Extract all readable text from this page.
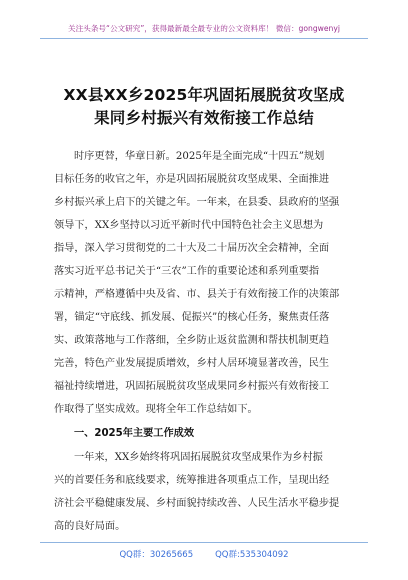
关注头条号“公文研究”，获得最新最全最专业的公文资料库！ 微信：gongwenyj
XX县XX乡2025年巩固拓展脱贫攻坚成
果同乡村振兴有效衔接工作总结
时序更替，华章日新。2025年是全面完成“十四五”规划
目标任务的收官之年，亦是巩固拓展脱贫攻坚成果、全面推进
乡村振兴承上启下的关键之年。一年来，在县委、县政府的坚强
领导下，XX乡坚持以习近平新时代中国特色社会主义思想为
指导，深入学习贯彻党的二十大及二十届历次全会精神，全面
落实习近平总书记关于“三农”工作的重要论述和系列重要指
示精神，严格遵循中央及省、市、县关于有效衔接工作的决策部
署，锚定“守底线、抓发展、促振兴”的核心任务，聚焦责任落
实、政策落地与工作落细，全乡防止返贫监测和帮扶机制更趋
完善，特色产业发展提质增效，乡村人居环境显著改善，民生
福祉持续增进，巩固拓展脱贫攻坚成果同乡村振兴有效衔接工
作取得了坚实成效。现将全年工作总结如下。
一、2025年主要工作成效
一年来，XX乡始终将巩固拓展脱贫攻坚成果作为乡村振
兴的首要任务和底线要求，统筹推进各项重点工作，呈现出经
济社会平稳健康发展、乡村面貌持续改善、人民生活水平稳步提
高的良好局面。
QQ群：30265665	QQ群:535304092
